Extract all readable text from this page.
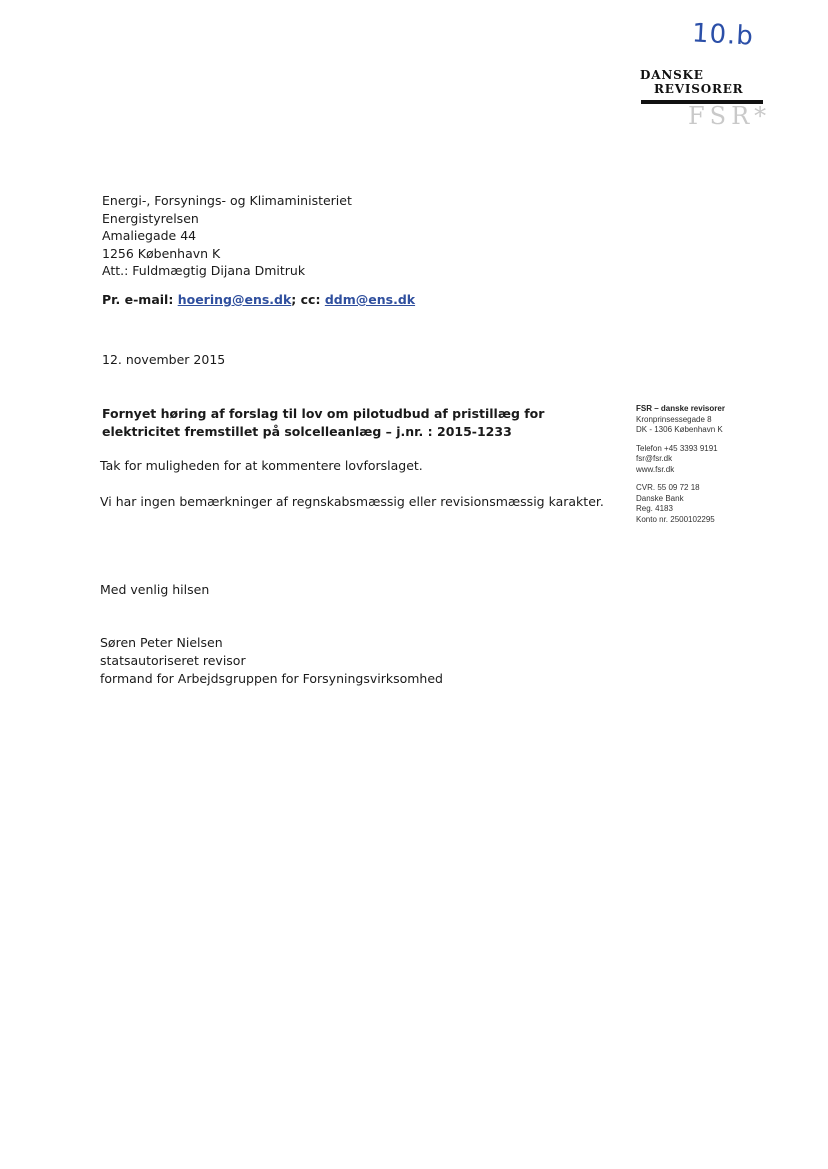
10.b
DANSKE
REVISORER
FSR*
Energi-, Forsynings- og Klimaministeriet
Energistyrelsen
Amaliegade 44
1256 København K
Att.: Fuldmægtig Dijana Dmitruk
Pr. e-mail: hoering@ens.dk; cc: ddm@ens.dk
12. november 2015
Fornyet høring af forslag til lov om pilotudbud af pristillæg for elektricitet fremstillet på solcelleanlæg – j.nr. : 2015-1233
Tak for muligheden for at kommentere lovforslaget.
Vi har ingen bemærkninger af regnskabsmæssig eller revisionsmæssig karakter.
FSR – danske revisorer
Kronprinsessegade 8
DK - 1306 København K
Telefon +45 3393 9191
fsr@fsr.dk
www.fsr.dk
CVR. 55 09 72 18
Danske Bank
Reg. 4183
Konto nr. 2500102295
Med venlig hilsen
Søren Peter Nielsen
statsautoriseret revisor
formand for Arbejdsgruppen for Forsyningsvirksomhed
